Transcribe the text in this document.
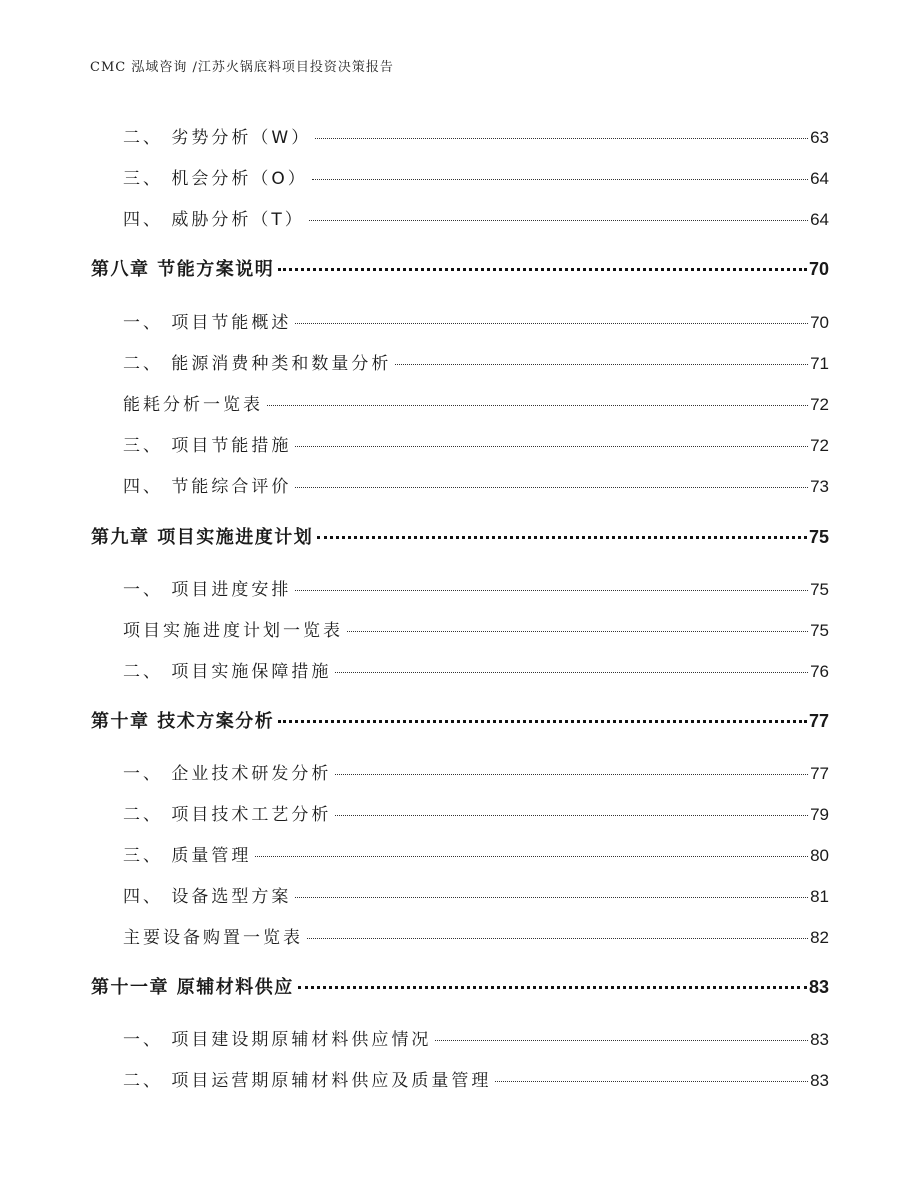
CMC 泓域咨询 /江苏火锅底料项目投资决策报告
二、 劣势分析（W）	63
三、 机会分析（O）	64
四、 威胁分析（T）	64
第八章 节能方案说明	70
一、 项目节能概述	70
二、 能源消费种类和数量分析	71
能耗分析一览表	72
三、 项目节能措施	72
四、 节能综合评价	73
第九章 项目实施进度计划	75
一、 项目进度安排	75
项目实施进度计划一览表	75
二、 项目实施保障措施	76
第十章 技术方案分析	77
一、 企业技术研发分析	77
二、 项目技术工艺分析	79
三、 质量管理	80
四、 设备选型方案	81
主要设备购置一览表	82
第十一章 原辅材料供应	83
一、 项目建设期原辅材料供应情况	83
二、 项目运营期原辅材料供应及质量管理	83
